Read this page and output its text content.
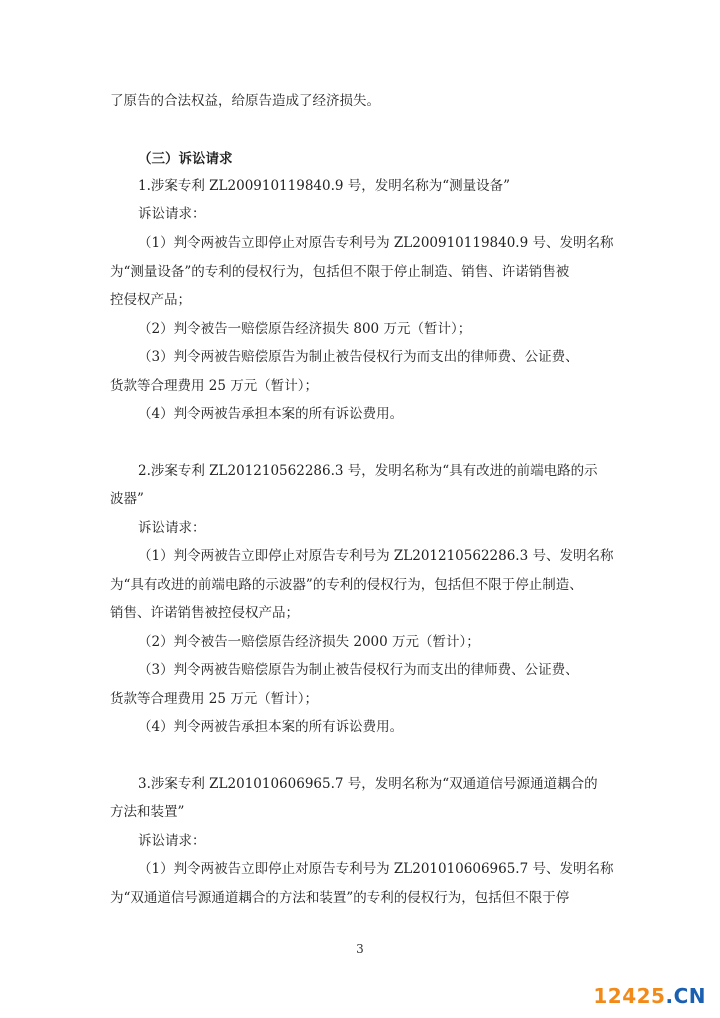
了原告的合法权益，给原告造成了经济损失。
（三）诉讼请求
1.涉案专利 ZL200910119840.9 号，发明名称为“测量设备”
诉讼请求：
（1）判令两被告立即停止对原告专利号为 ZL200910119840.9 号、发明名称
为“测量设备”的专利的侵权行为，包括但不限于停止制造、销售、许诺销售被
控侵权产品；
（2）判令被告一赔偿原告经济损失 800 万元（暂计）；
（3）判令两被告赔偿原告为制止被告侵权行为而支出的律师费、公证费、
货款等合理费用 25 万元（暂计）；
（4）判令两被告承担本案的所有诉讼费用。
2.涉案专利 ZL201210562286.3 号，发明名称为“具有改进的前端电路的示
波器”
诉讼请求：
（1）判令两被告立即停止对原告专利号为 ZL201210562286.3 号、发明名称
为“具有改进的前端电路的示波器”的专利的侵权行为，包括但不限于停止制造、
销售、许诺销售被控侵权产品；
（2）判令被告一赔偿原告经济损失 2000 万元（暂计）；
（3）判令两被告赔偿原告为制止被告侵权行为而支出的律师费、公证费、
货款等合理费用 25 万元（暂计）；
（4）判令两被告承担本案的所有诉讼费用。
3.涉案专利 ZL201010606965.7 号，发明名称为“双通道信号源通道耦合的
方法和装置”
诉讼请求：
（1）判令两被告立即停止对原告专利号为 ZL201010606965.7 号、发明名称
为“双通道信号源通道耦合的方法和装置”的专利的侵权行为，包括但不限于停
3
12425.CN
